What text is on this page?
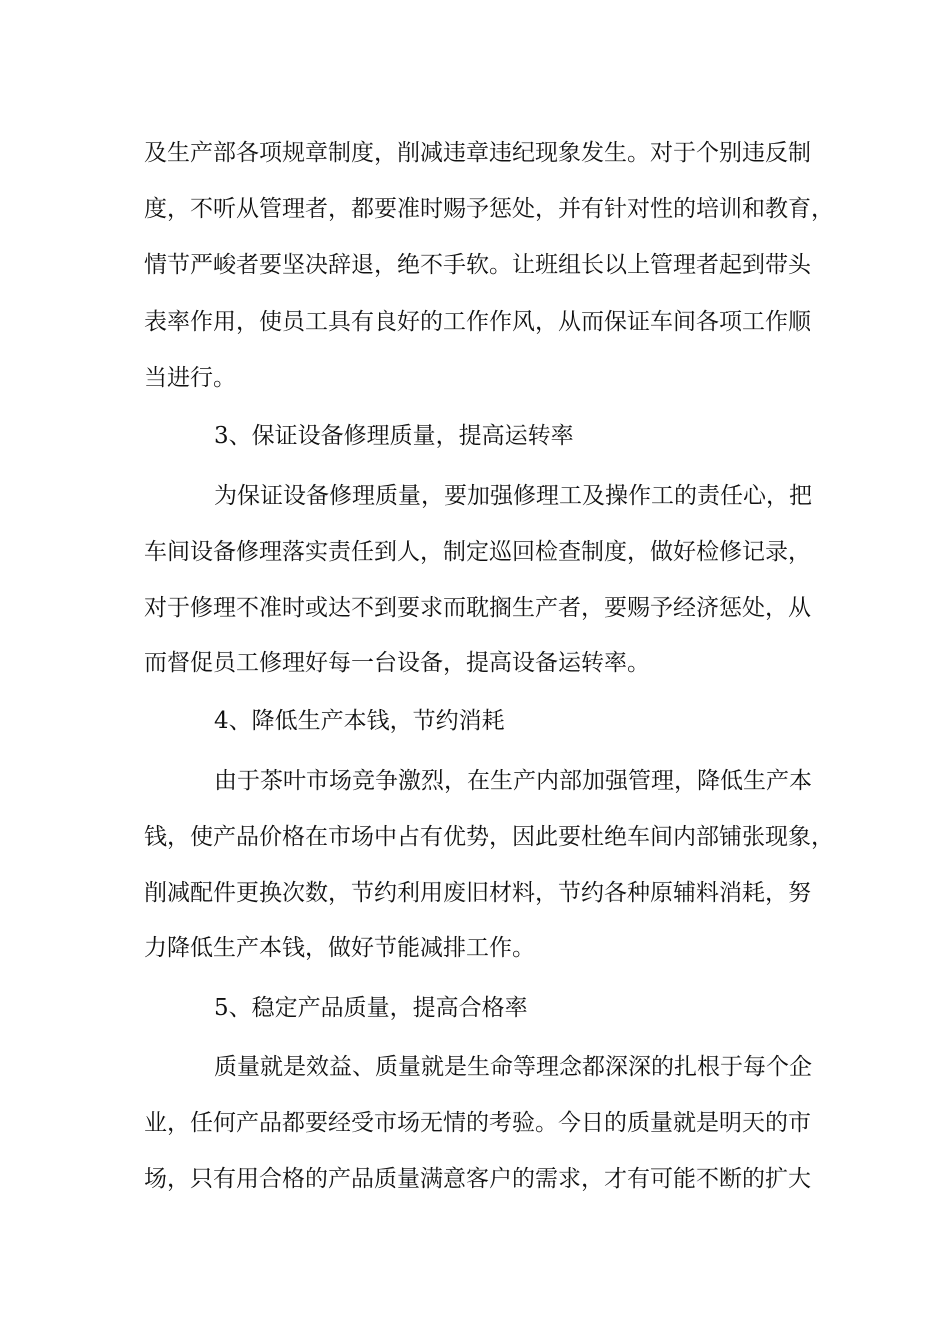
及生产部各项规章制度，削减违章违纪现象发生。对于个别违反制
度，不听从管理者，都要准时赐予惩处，并有针对性的培训和教育，
情节严峻者要坚决辞退，绝不手软。让班组长以上管理者起到带头
表率作用，使员工具有良好的工作作风，从而保证车间各项工作顺
当进行。
3、保证设备修理质量，提高运转率
为保证设备修理质量，要加强修理工及操作工的责任心，把
车间设备修理落实责任到人，制定巡回检查制度，做好检修记录，
对于修理不准时或达不到要求而耽搁生产者，要赐予经济惩处，从
而督促员工修理好每一台设备，提高设备运转率。
4、降低生产本钱，节约消耗
由于茶叶市场竞争激烈，在生产内部加强管理，降低生产本
钱，使产品价格在市场中占有优势，因此要杜绝车间内部铺张现象，
削减配件更换次数，节约利用废旧材料，节约各种原辅料消耗，努
力降低生产本钱，做好节能减排工作。
5、稳定产品质量，提高合格率
质量就是效益、质量就是生命等理念都深深的扎根于每个企
业，任何产品都要经受市场无情的考验。今日的质量就是明天的市
场，只有用合格的产品质量满意客户的需求，才有可能不断的扩大
